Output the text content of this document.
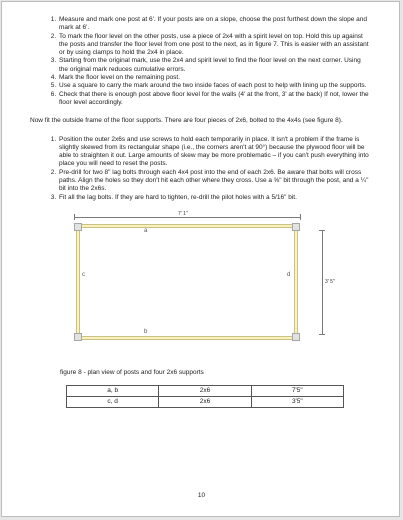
1. Measure and mark one post at 6'. If your posts are on a slope, choose the post furthest down the slope and mark at 6'.
2. To mark the floor level on the other posts, use a piece of 2x4 with a spirit level on top. Hold this up against the posts and transfer the floor level from one post to the next, as in figure 7. This is easier with an assistant or by using clamps to hold the 2x4 in place.
3. Starting from the original mark, use the 2x4 and spirit level to find the floor level on the next corner. Using the original mark reduces cumulative errors.
4. Mark the floor level on the remaining post.
5. Use a square to carry the mark around the two inside faces of each post to help with lining up the supports.
6. Check that there is enough post above floor level for the walls (4' at the front, 3' at the back) If not, lower the floor level accordingly.

Now fit the outside frame of the floor supports. There are four pieces of 2x6, bolted to the 4x4s (see figure 8).

1. Position the outer 2x6s and use screws to hold each temporarily in place. It isn't a problem if the frame is slightly skewed from its rectangular shape (i.e., the corners aren't at 90°) because the plywood floor will be able to straighten it out. Large amounts of skew may be more problematic – if you can't push everything into place you will need to reset the posts.
2. Pre-drill for two 8" lag bolts through each 4x4 post into the end of each 2x6. Be aware that bolts will cross paths. Align the holes so they don't hit each other where they cross. Use a ⅝" bit through the post, and a ¼" bit into the 2x6s.
3. Fit all the lag bolts. If they are hard to tighten, re-drill the pilot holes with a 5/16" bit.
7' 1"
3' 5"
a
b
c	d
figure 8 - plan view of posts and four 2x6 supports
a, b	2x6	7'5"
c, d	2x6	3'5"
10
